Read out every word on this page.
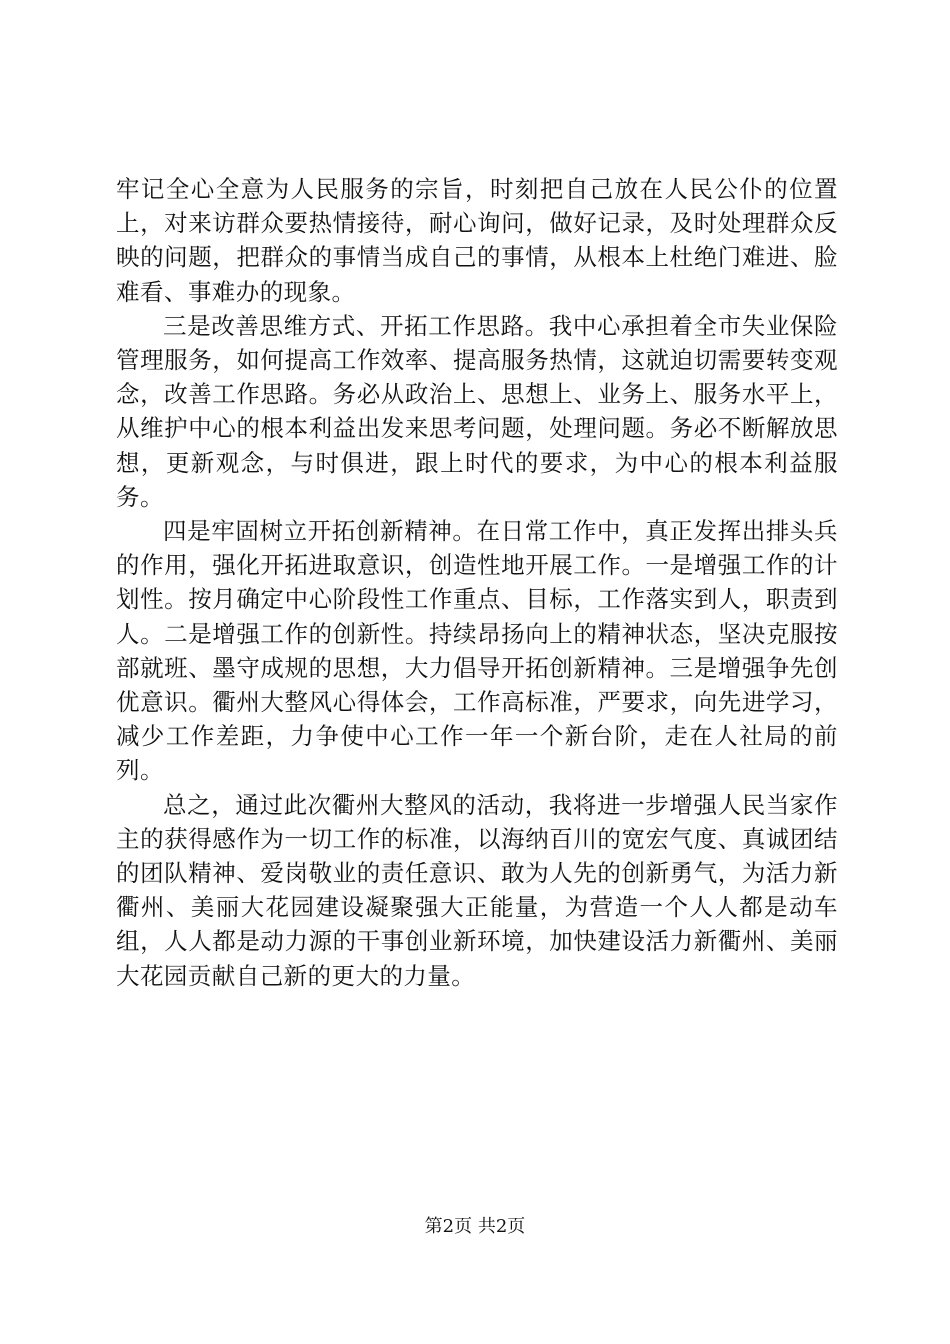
牢记全心全意为人民服务的宗旨，时刻把自己放在人民公仆的位置上，对来访群众要热情接待，耐心询问，做好记录，及时处理群众反映的问题，把群众的事情当成自己的事情，从根本上杜绝门难进、脸难看、事难办的现象。

三是改善思维方式、开拓工作思路。我中心承担着全市失业保险管理服务，如何提高工作效率、提高服务热情，这就迫切需要转变观念，改善工作思路。务必从政治上、思想上、业务上、服务水平上，从维护中心的根本利益出发来思考问题，处理问题。务必不断解放思想，更新观念，与时俱进，跟上时代的要求，为中心的根本利益服务。

四是牢固树立开拓创新精神。在日常工作中，真正发挥出排头兵的作用，强化开拓进取意识，创造性地开展工作。一是增强工作的计划性。按月确定中心阶段性工作重点、目标，工作落实到人，职责到人。二是增强工作的创新性。持续昂扬向上的精神状态，坚决克服按部就班、墨守成规的思想，大力倡导开拓创新精神。三是增强争先创优意识。衢州大整风心得体会，工作高标准，严要求，向先进学习，减少工作差距，力争使中心工作一年一个新台阶，走在人社局的前列。

总之，通过此次衢州大整风的活动，我将进一步增强人民当家作主的获得感作为一切工作的标准，以海纳百川的宽宏气度、真诚团结的团队精神、爱岗敬业的责任意识、敢为人先的创新勇气，为活力新衢州、美丽大花园建设凝聚强大正能量，为营造一个人人都是动车组，人人都是动力源的干事创业新环境，加快建设活力新衢州、美丽大花园贡献自己新的更大的力量。

第2页 共2页
